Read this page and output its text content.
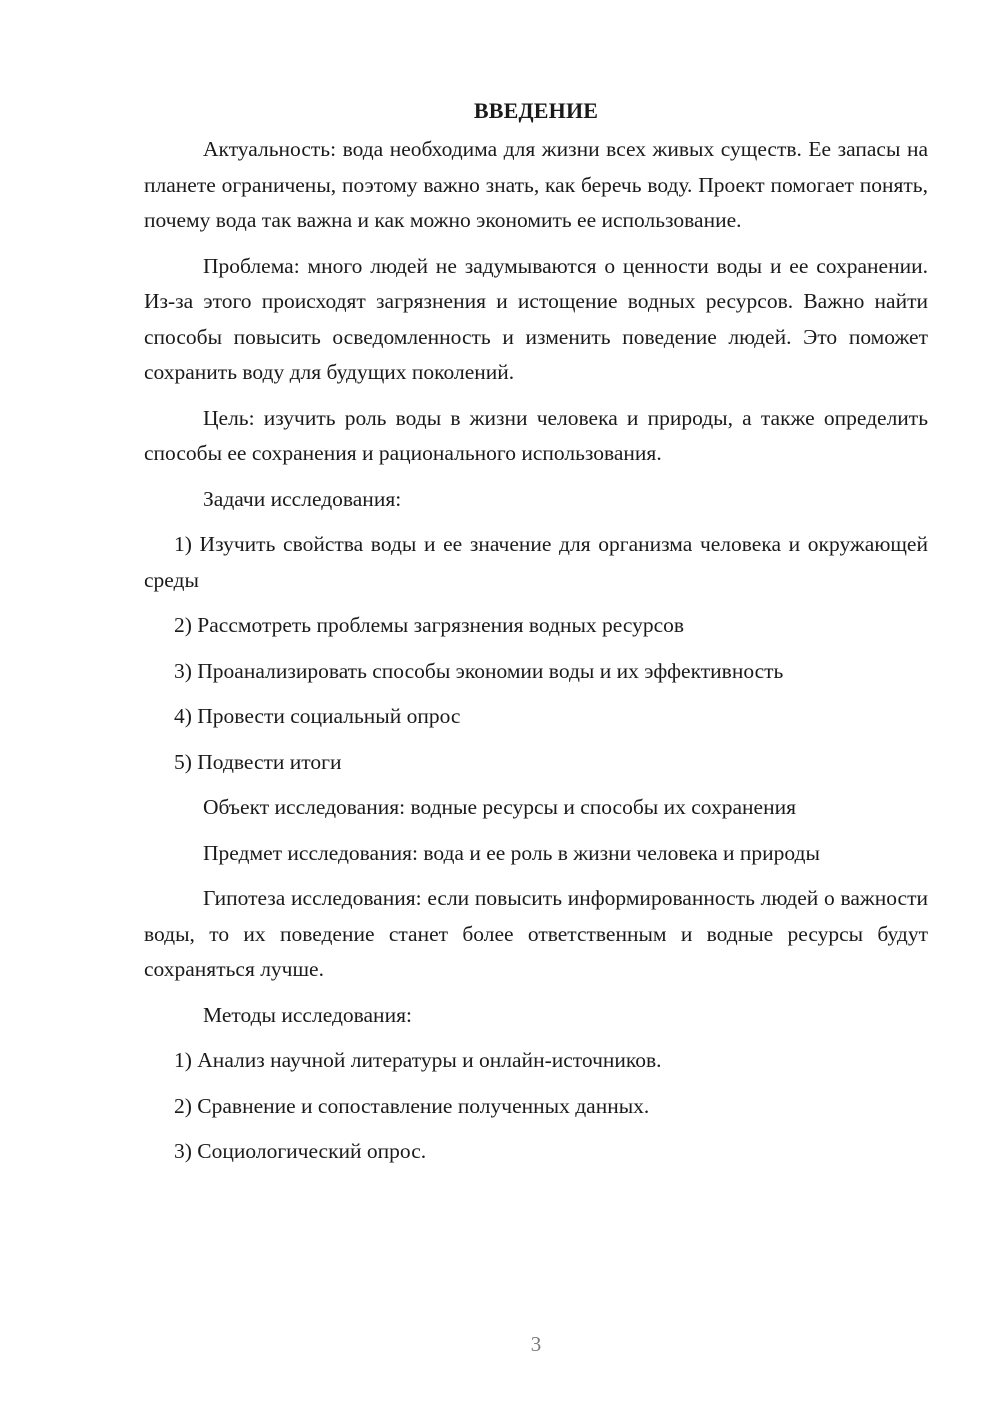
ВВЕДЕНИЕ

Актуальность: вода необходима для жизни всех живых существ. Ее запасы на планете ограничены, поэтому важно знать, как беречь воду. Проект помогает понять, почему вода так важна и как можно экономить ее использование.

Проблема: много людей не задумываются о ценности воды и ее сохранении. Из-за этого происходят загрязнения и истощение водных ресурсов. Важно найти способы повысить осведомленность и изменить поведение людей. Это поможет сохранить воду для будущих поколений.

Цель: изучить роль воды в жизни человека и природы, а также определить способы ее сохранения и рационального использования.

Задачи исследования:

1) Изучить свойства воды и ее значение для организма человека и окружающей среды

2) Рассмотреть проблемы загрязнения водных ресурсов

3) Проанализировать способы экономии воды и их эффективность

4) Провести социальный опрос

5) Подвести итоги

Объект исследования: водные ресурсы и способы их сохранения

Предмет исследования: вода и ее роль в жизни человека и природы

Гипотеза исследования: если повысить информированность людей о важности воды, то их поведение станет более ответственным и водные ресурсы будут сохраняться лучше.

Методы исследования:

1) Анализ научной литературы и онлайн-источников.

2) Сравнение и сопоставление полученных данных.

3) Социологический опрос.

3
